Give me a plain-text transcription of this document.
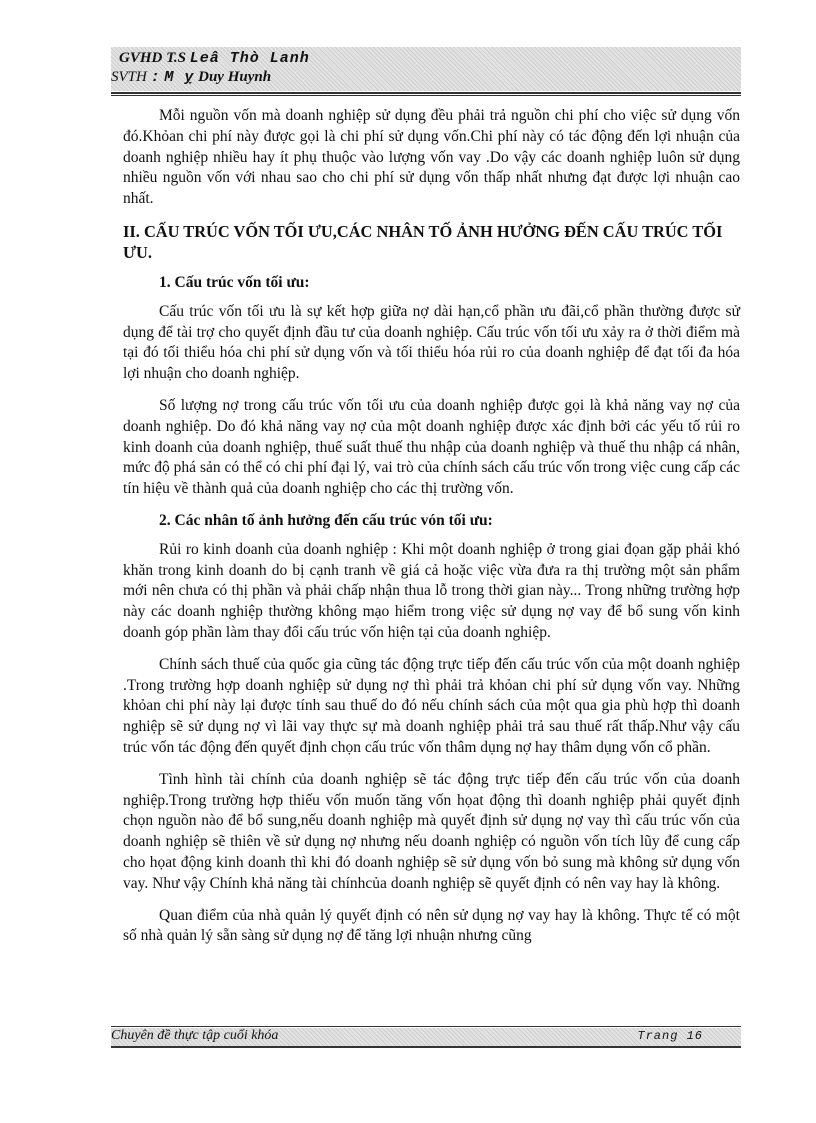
GVHD T.S Leâ Thò Lanh
SVTH : M ỵ Duy Huynh

Mỗi nguồn vốn mà doanh nghiệp sử dụng đều phải trả nguồn chi phí cho việc sử dụng vốn đó.Khỏan chi phí này được gọi là chi phí sử dụng vốn.Chi phí này có tác động đến lợi nhuận của doanh nghiệp nhiều hay ít phụ thuộc vào lượng vốn vay .Do vậy các doanh nghiệp luôn sử dụng nhiều nguồn vốn với nhau sao cho chi phí sử dụng vốn thấp nhất nhưng đạt được lợi nhuận cao nhất.

II. CẤU TRÚC VỐN TỐI ƯU,CÁC NHÂN TỐ ẢNH HƯỞNG ĐẾN CẤU TRÚC TỐI ƯU.
1. Cấu trúc vốn tối ưu:

Cấu trúc vốn tối ưu là sự kết hợp giữa nợ dài hạn,cổ phần ưu đãi,cổ phần thường được sử dụng để tài trợ cho quyết định đầu tư của doanh nghiệp. Cấu trúc vốn tối ưu xảy ra ở thời điểm mà tại đó tối thiểu hóa chi phí sử dụng vốn và tối thiểu hóa rủi ro của doanh nghiệp để đạt tối đa hóa lợi nhuận cho doanh nghiệp.

Số lượng nợ trong cấu trúc vốn tối ưu của doanh nghiệp được gọi là khả năng vay nợ của doanh nghiệp. Do đó khả năng vay nợ của một doanh nghiệp được xác định bởi các yếu tố rủi ro kinh doanh của doanh nghiệp, thuế suất thuế thu nhập của doanh nghiệp và thuế thu nhập cá nhân, mức độ phá sản có thể có chi phí đại lý, vai trò của chính sách cấu trúc vốn trong việc cung cấp các tín hiệu về thành quả của doanh nghiệp cho các thị trường vốn.

2. Các nhân tố ảnh hưởng đến cấu trúc vón tối ưu:

Rủi ro kinh doanh của doanh nghiệp : Khi một doanh nghiệp ở trong giai đọan gặp phải khó khăn trong kinh doanh do bị cạnh tranh về giá cả hoặc việc vừa đưa ra thị trường một sản phẩm mới nên chưa có thị phần và phải chấp nhận thua lỗ trong thời gian này... Trong những trường hợp này các doanh nghiệp thường không mạo hiểm trong việc sử dụng nợ vay để bổ sung vốn kinh doanh góp phần làm thay đổi cấu trúc vốn hiện tại của doanh nghiệp.

Chính sách thuế của quốc gia cũng tác động trực tiếp đến cấu trúc vốn của một doanh nghiệp .Trong trường hợp doanh nghiệp sử dụng nợ thì phải trả khỏan chi phí sử dụng vốn vay. Những khỏan chi phí này lại được tính sau thuế do đó nếu chính sách của một qua gia phù hợp thì doanh nghiệp sẽ sử dụng nợ vì lãi vay thực sự mà doanh nghiệp phải trả sau thuế rất thấp.Như vậy cấu trúc vốn tác động đến quyết định chọn cấu trúc vốn thâm dụng nợ hay thâm dụng vốn cổ phần.

Tình hình tài chính của doanh nghiệp sẽ tác động trực tiếp đến cấu trúc vốn của doanh nghiệp.Trong trường hợp thiếu vốn muốn tăng vốn họat động thì doanh nghiệp phải quyết định chọn nguồn nào để bổ sung,nếu doanh nghiệp mà quyết định sử dụng nợ vay thì cấu trúc vốn của doanh nghiệp sẽ thiên về sử dụng nợ nhưng nếu doanh nghiệp có nguồn vốn tích lũy để cung cấp cho họat động kinh doanh thì khi đó doanh nghiệp sẽ sử dụng vốn bỏ sung mà không sử dụng vốn vay. Như vậy Chính khả năng tài chínhcủa doanh nghiệp sẽ quyết định có nên vay hay là không.

Quan điểm của nhà quản lý quyết định có nên sử dụng nợ vay hay là không. Thực tế có một số nhà quản lý sẵn sàng sử dụng nợ để tăng lợi nhuận nhưng cũng

Chuyên đề thực tập cuối khóa	Trang 16
